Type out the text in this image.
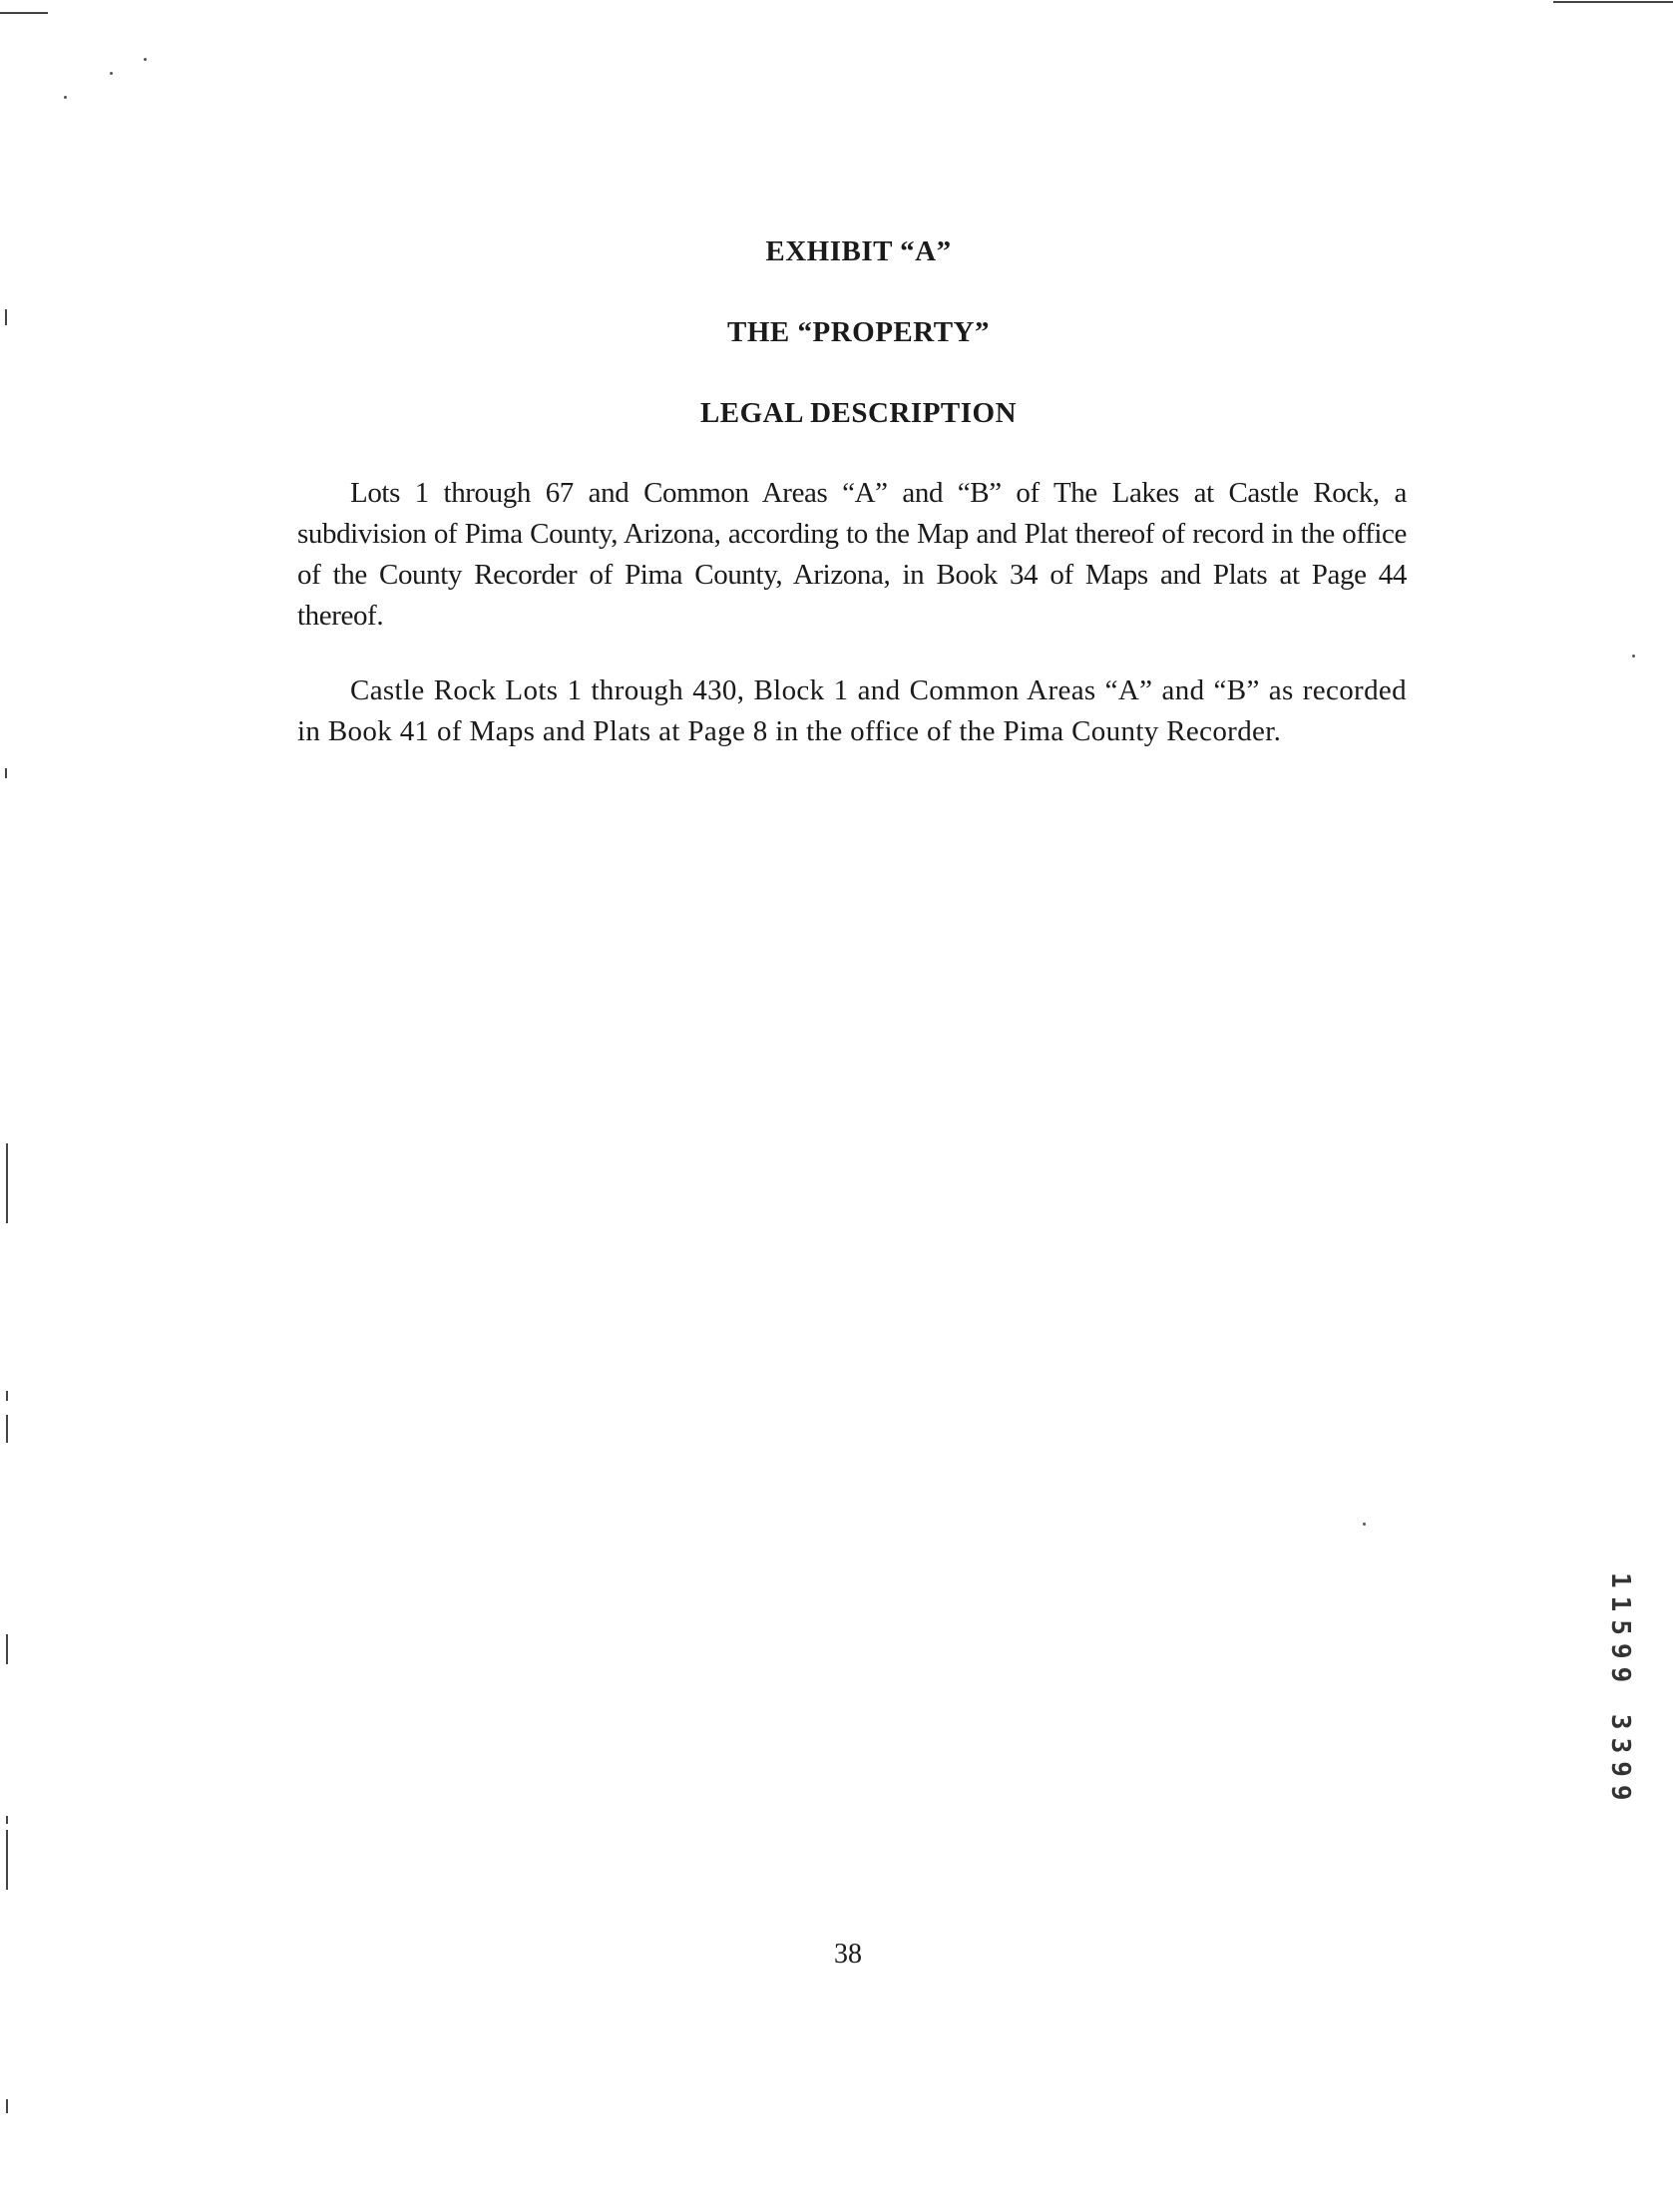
EXHIBIT “A”
THE “PROPERTY”
LEGAL DESCRIPTION

Lots 1 through 67 and Common Areas “A” and “B” of The Lakes at Castle Rock, a subdivision of Pima County, Arizona, according to the Map and Plat thereof of record in the office of the County Recorder of Pima County, Arizona, in Book 34 of Maps and Plats at Page 44 thereof.

Castle Rock Lots 1 through 430, Block 1 and Common Areas “A” and “B” as recorded in Book 41 of Maps and Plats at Page 8 in the office of the Pima County Recorder.

38
11599 3399
